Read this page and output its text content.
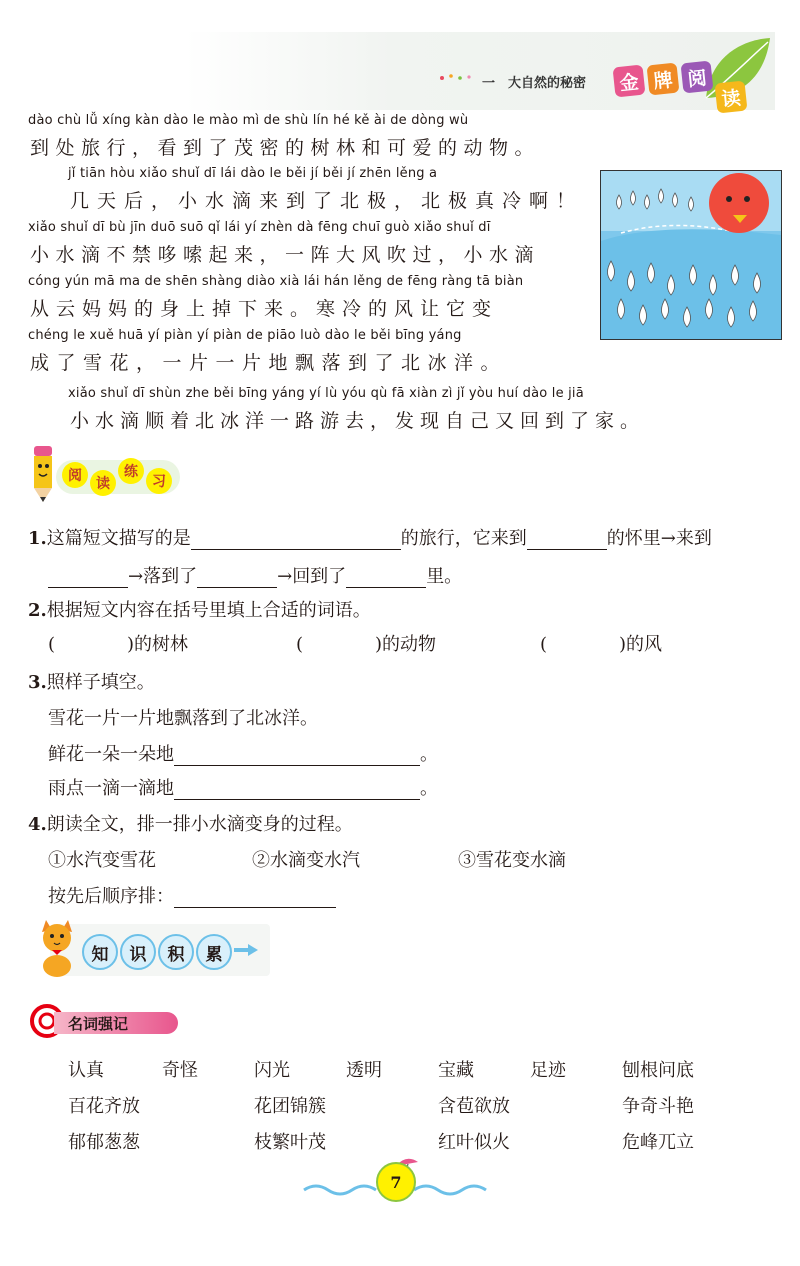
一　大自然的秘密	金 牌 阅
读
dào chù lǚ xíng kàn dào le mào mì de shù lín hé kě ài de dòng wù
到处旅行，看到了茂密的树林和可爱的动物。
jǐ tiān hòu xiǎo shuǐ dī lái dào le běi jí běi jí zhēn lěng a
几天后，小水滴来到了北极，北极真冷啊！
xiǎo shuǐ dī bù jīn duō suō qǐ lái yí zhèn dà fēng chuī guò xiǎo shuǐ dī
小水滴不禁哆嗦起来，一阵大风吹过，小水滴
cóng yún mā ma de shēn shàng diào xià lái hán lěng de fēng ràng tā biàn
从云妈妈的身上掉下来。寒冷的风让它变
chéng le xuě huā yí piàn yí piàn de piāo luò dào le běi bīng yáng
成了雪花，一片一片地飘落到了北冰洋。
xiǎo shuǐ dī shùn zhe běi bīng yáng yí lù yóu qù fā xiàn zì jǐ yòu huí dào le jiā
小水滴顺着北冰洋一路游去，发现自己又回到了家。
阅	读
练
习
1.这篇短文描写的是	的旅行，它来到	的怀里→来到
→落到了	→回到了	里。
2.根据短文内容在括号里填上合适的词语。
(　　　　)的树林	(　　　　)的动物	(　　　　)的风
3.照样子填空。
雪花一片一片地飘落到了北冰洋。
鲜花一朵一朵地	。
雨点一滴一滴地	。
4.朗读全文，排一排小水滴变身的过程。
①水汽变雪花	②水滴变水汽	③雪花变水滴
按先后顺序排：
知	识	积	累
名词强记
认真	奇怪	闪光	透明	宝藏	足迹	刨根问底
百花齐放	花团锦簇	含苞欲放	争奇斗艳
郁郁葱葱	枝繁叶茂	红叶似火	危峰兀立
7
